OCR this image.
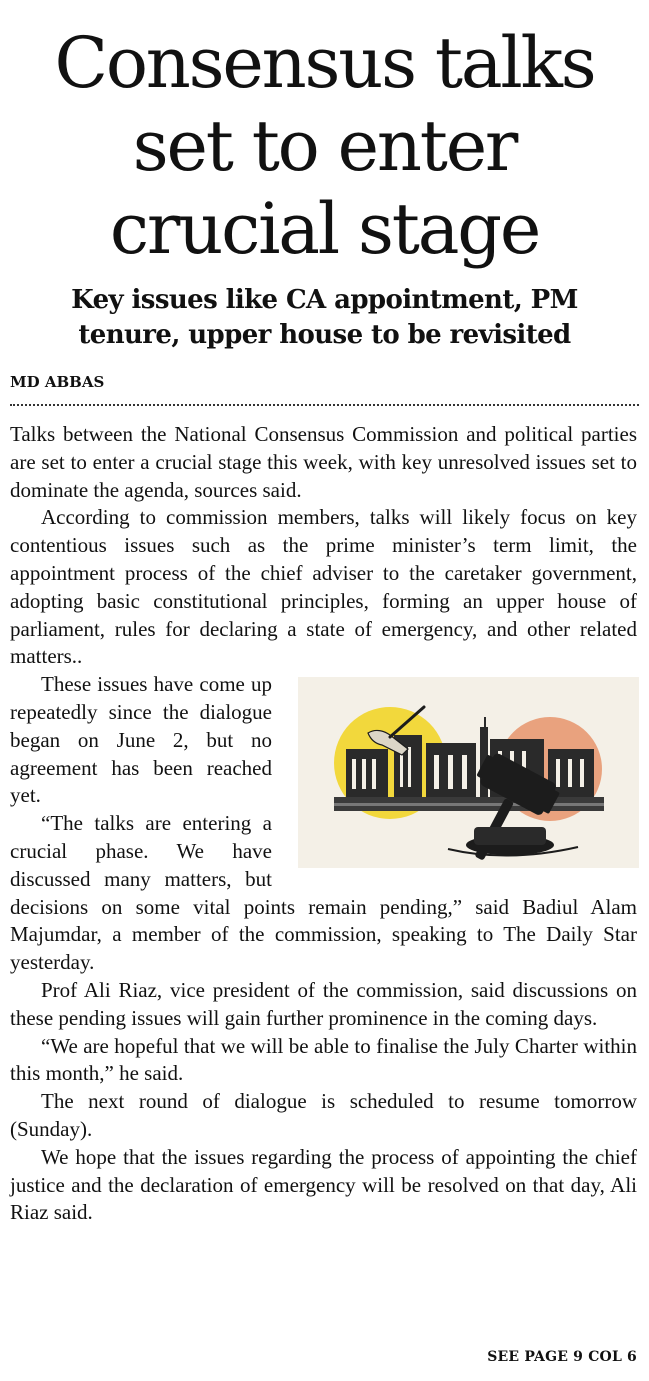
Consensus talks
set to enter
crucial stage
Key issues like CA appointment, PM
tenure, upper house to be revisited
MD ABBAS

Talks between the National Consensus Commission and political parties are set to enter a crucial stage this week, with key unresolved issues set to dominate the agenda, sources said.

According to commission members, talks will likely focus on key contentious issues such as the prime minister’s term limit, the appointment process of the chief adviser to the caretaker government, adopting basic constitutional principles, forming an upper house of parliament, rules for declaring a state of emergency, and other related matters..

These issues have come up repeatedly since the dialogue began on June 2, but no agreement has been reached yet.

“The talks are entering a crucial phase. We have discussed many matters, but decisions on some vital points remain pending,” said Badiul Alam Majumdar, a member of the commission, speaking to The Daily Star yesterday.

Prof Ali Riaz, vice president of the commission, said discussions on these pending issues will gain further prominence in the coming days.

“We are hopeful that we will be able to finalise the July Charter within this month,” he said.

The next round of dialogue is scheduled to resume tomorrow (Sunday).

We hope that the issues regarding the process of appointing the chief justice and the declaration of emergency will be resolved on that day, Ali Riaz said.

SEE PAGE 9 COL 6
